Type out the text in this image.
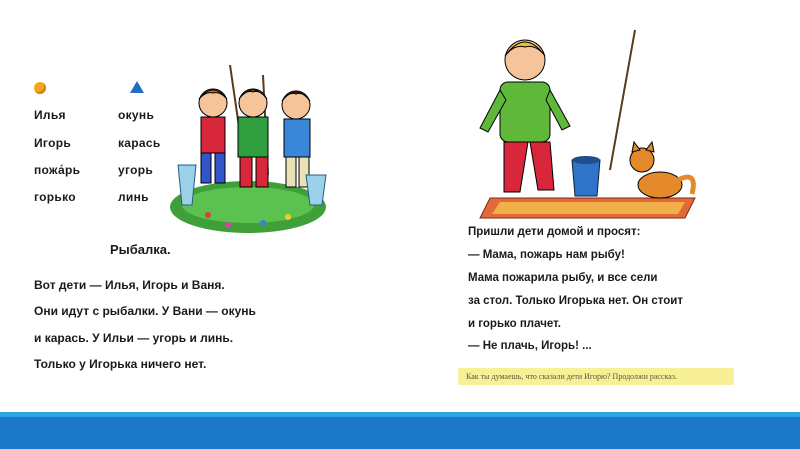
Илья
Игорь
пожа́рь
горько
окунь
карась
угорь
линь
Рыбалка.
Вот дети — Илья, Игорь и Ваня.
Они идут с рыбалки. У Вани — окунь
и карась. У Ильи — угорь и линь.
Только у Игорька ничего нет.
Пришли дети домой и просят:
— Мама, пожарь нам рыбу!
Мама пожарила рыбу, и все сели
за стол. Только Игорька нет. Он стоит
и горько плачет.
— Не плачь, Игорь! ...
Как ты думаешь, что сказали дети Игорю? Продолжи рассказ.
